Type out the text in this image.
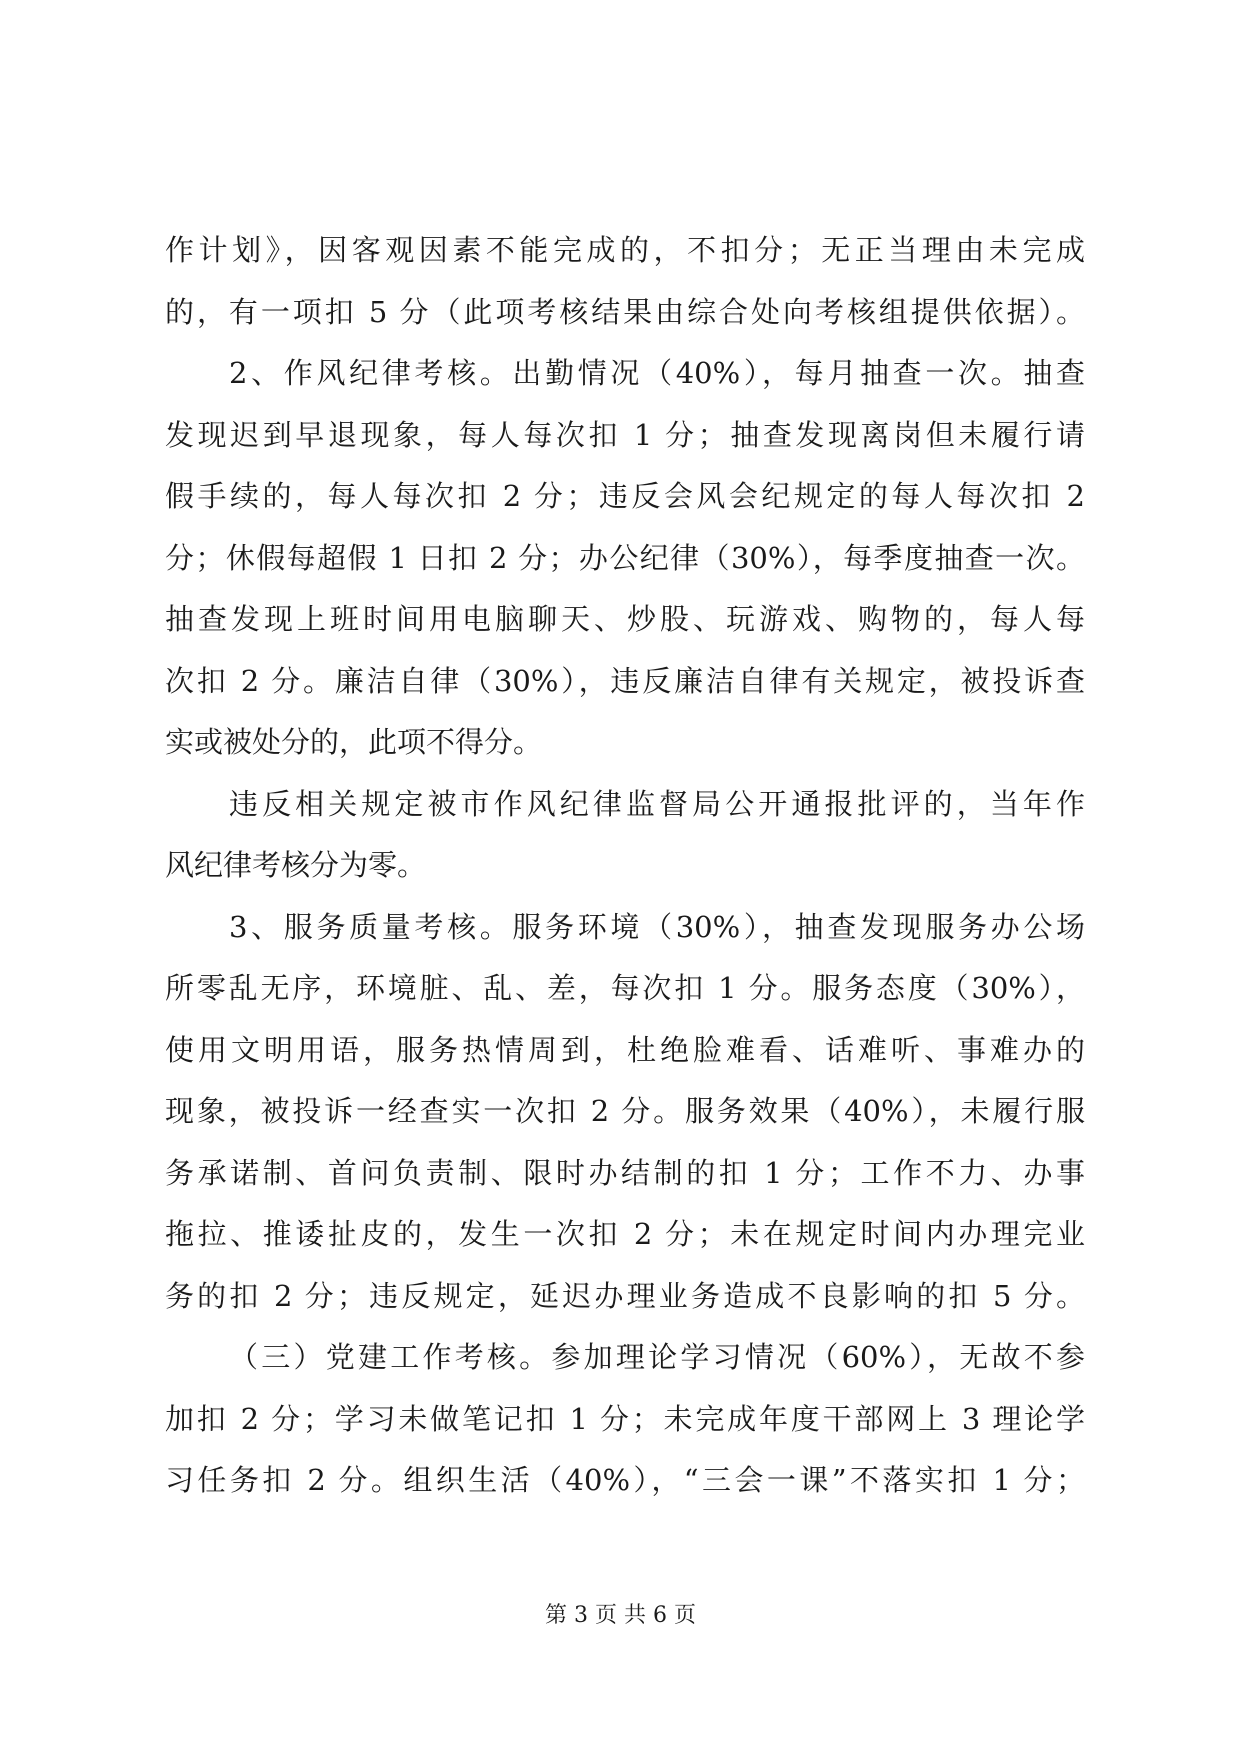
作计划》，因客观因素不能完成的，不扣分；无正当理由未完成
的，有一项扣 5 分（此项考核结果由综合处向考核组提供依据）。
2、作风纪律考核。出勤情况（40%），每月抽查一次。抽查
发现迟到早退现象，每人每次扣 1 分；抽查发现离岗但未履行请
假手续的，每人每次扣 2 分；违反会风会纪规定的每人每次扣 2
分；休假每超假 1 日扣 2 分；办公纪律（30%），每季度抽查一次。
抽查发现上班时间用电脑聊天、炒股、玩游戏、购物的，每人每
次扣 2 分。廉洁自律（30%），违反廉洁自律有关规定，被投诉查
实或被处分的，此项不得分。
违反相关规定被市作风纪律监督局公开通报批评的，当年作
风纪律考核分为零。
3、服务质量考核。服务环境（30%），抽查发现服务办公场
所零乱无序，环境脏、乱、差，每次扣 1 分。服务态度（30%），
使用文明用语，服务热情周到，杜绝脸难看、话难听、事难办的
现象，被投诉一经查实一次扣 2 分。服务效果（40%），未履行服
务承诺制、首问负责制、限时办结制的扣 1 分；工作不力、办事
拖拉、推诿扯皮的，发生一次扣 2 分；未在规定时间内办理完业
务的扣 2 分；违反规定，延迟办理业务造成不良影响的扣 5 分。
（三）党建工作考核。参加理论学习情况（60%），无故不参
加扣 2 分；学习未做笔记扣 1 分；未完成年度干部网上 3 理论学
习任务扣 2 分。组织生活（40%），“三会一课”不落实扣 1 分；
第 3 页 共 6 页
